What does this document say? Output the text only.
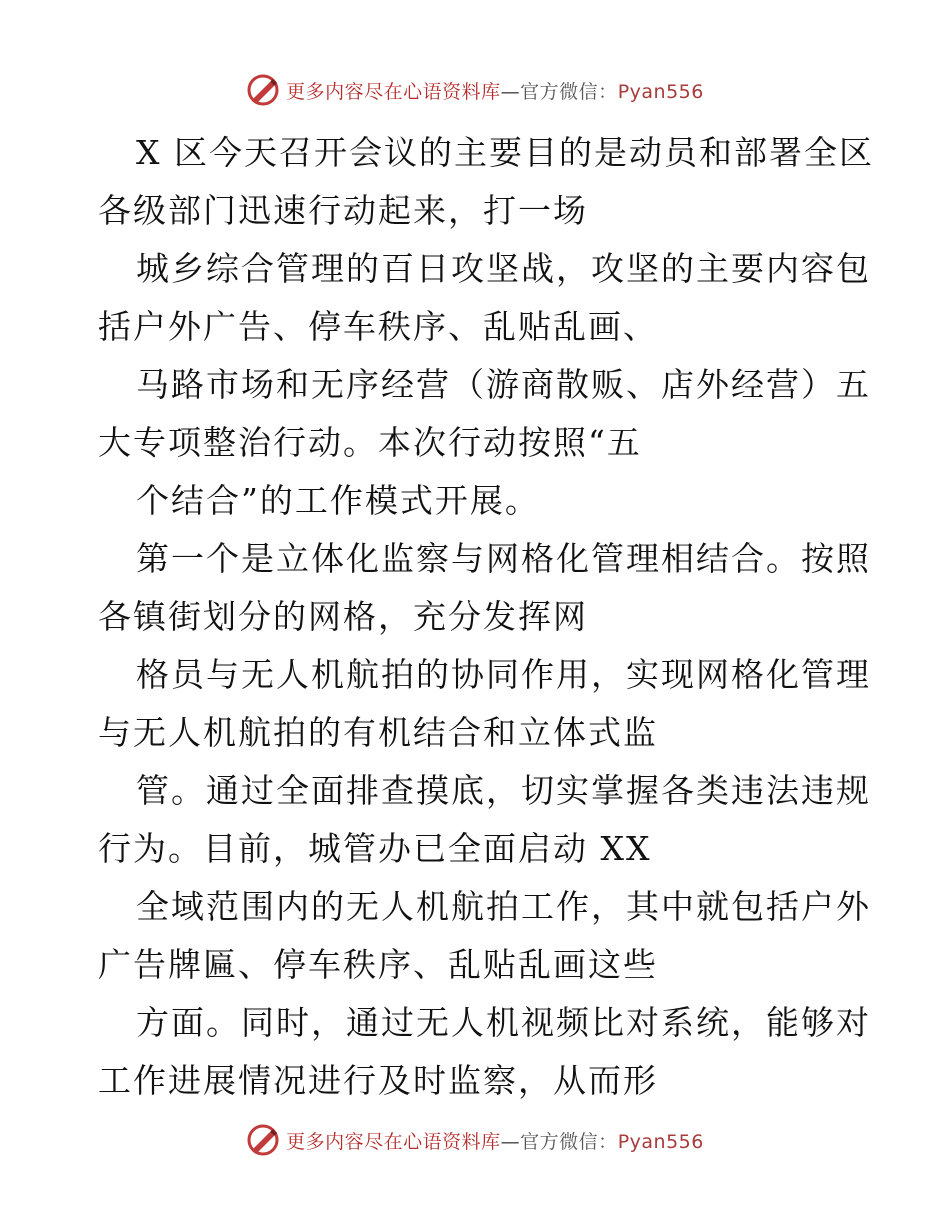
更多内容尽在心语资料库—官方微信：Pyan556
X 区今天召开会议的主要目的是动员和部署全区
各级部门迅速行动起来，打一场
城乡综合管理的百日攻坚战，攻坚的主要内容包
括户外广告、停车秩序、乱贴乱画、
马路市场和无序经营（游商散贩、店外经营）五
大专项整治行动。本次行动按照“五
个结合”的工作模式开展。
第一个是立体化监察与网格化管理相结合。按照
各镇街划分的网格，充分发挥网
格员与无人机航拍的协同作用，实现网格化管理
与无人机航拍的有机结合和立体式监
管。通过全面排查摸底，切实掌握各类违法违规
行为。目前，城管办已全面启动 XX
全域范围内的无人机航拍工作，其中就包括户外
广告牌匾、停车秩序、乱贴乱画这些
方面。同时，通过无人机视频比对系统，能够对
工作进展情况进行及时监察，从而形
更多内容尽在心语资料库—官方微信：Pyan556
